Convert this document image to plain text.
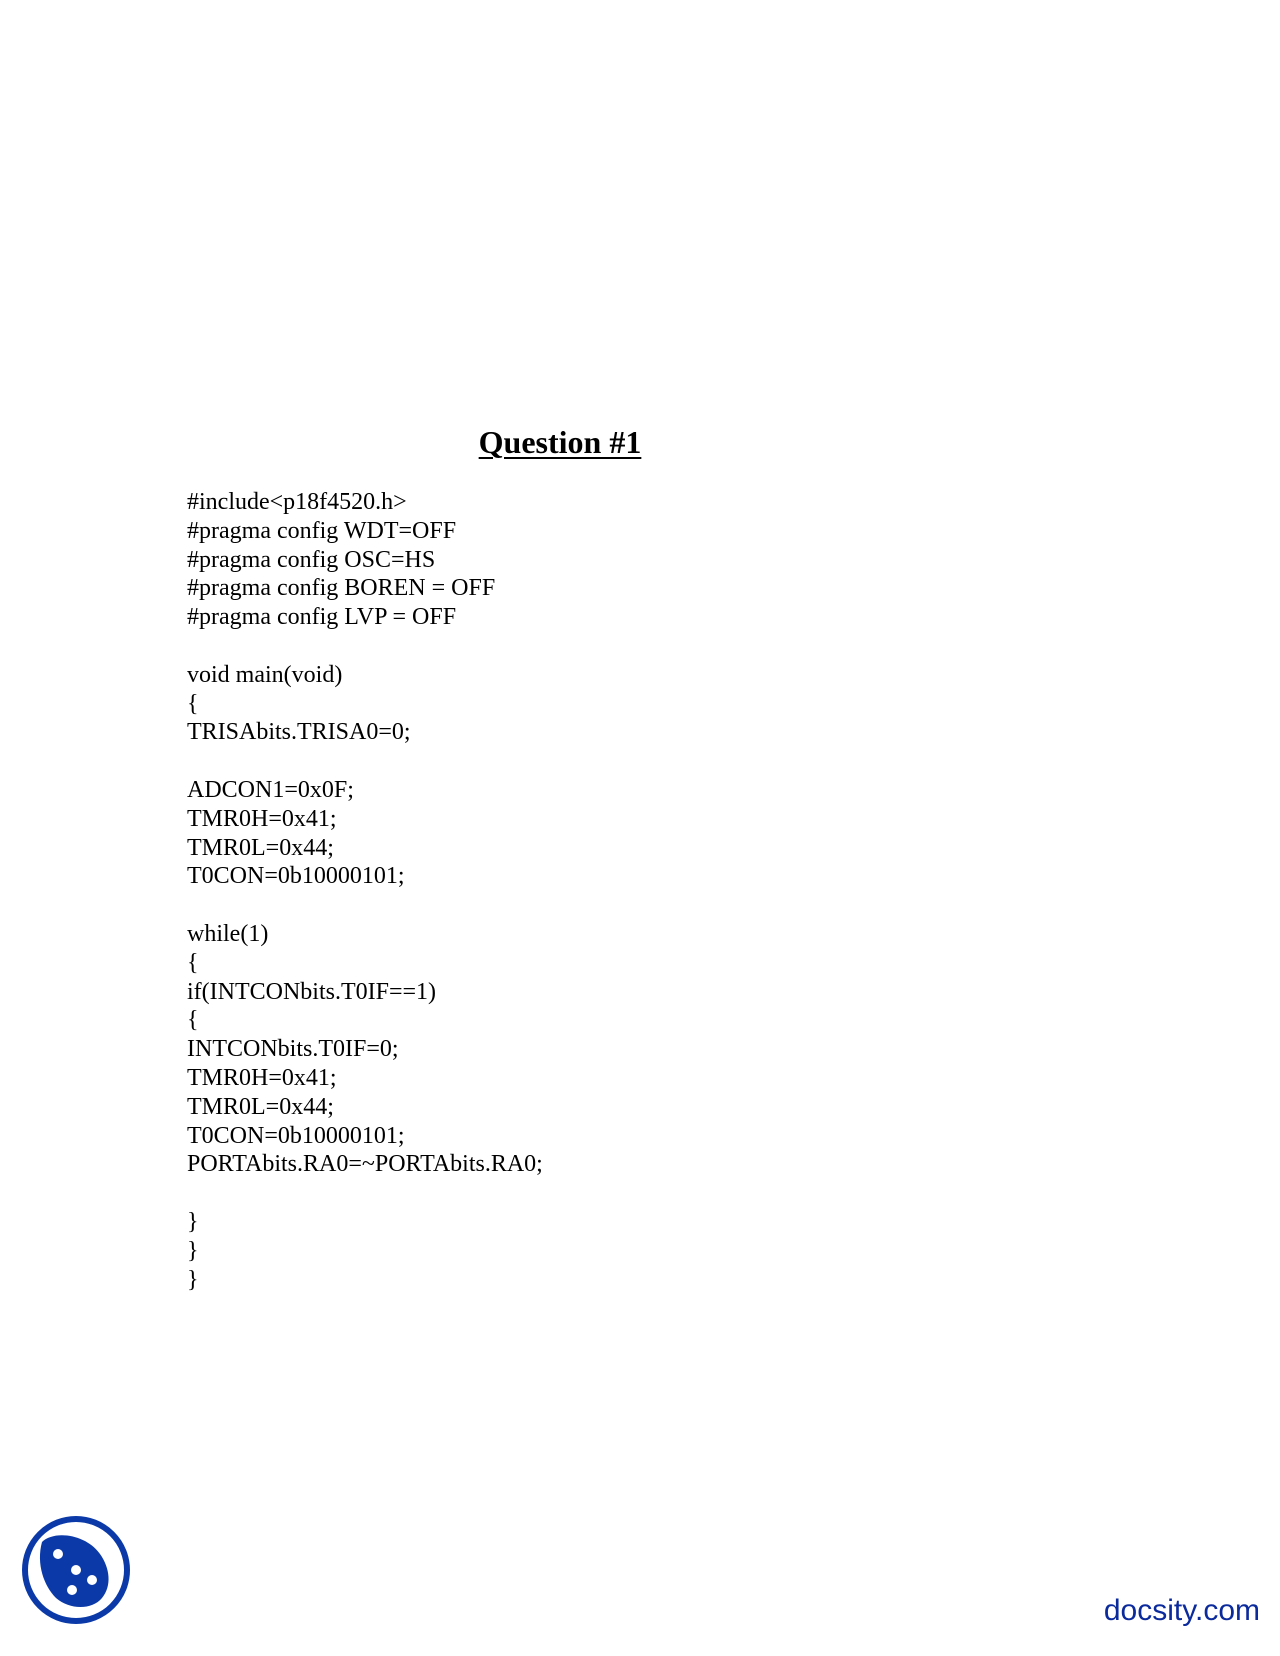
Question #1
#include<p18f4520.h>
#pragma config WDT=OFF
#pragma config OSC=HS
#pragma config BOREN = OFF
#pragma config LVP = OFF
void main(void)
{
TRISAbits.TRISA0=0;
ADCON1=0x0F;
TMR0H=0x41;
TMR0L=0x44;
T0CON=0b10000101;
while(1)
{
if(INTCONbits.T0IF==1)
{
INTCONbits.T0IF=0;
TMR0H=0x41;
TMR0L=0x44;
T0CON=0b10000101;
PORTAbits.RA0=~PORTAbits.RA0;
}
}
}
docsity.com
